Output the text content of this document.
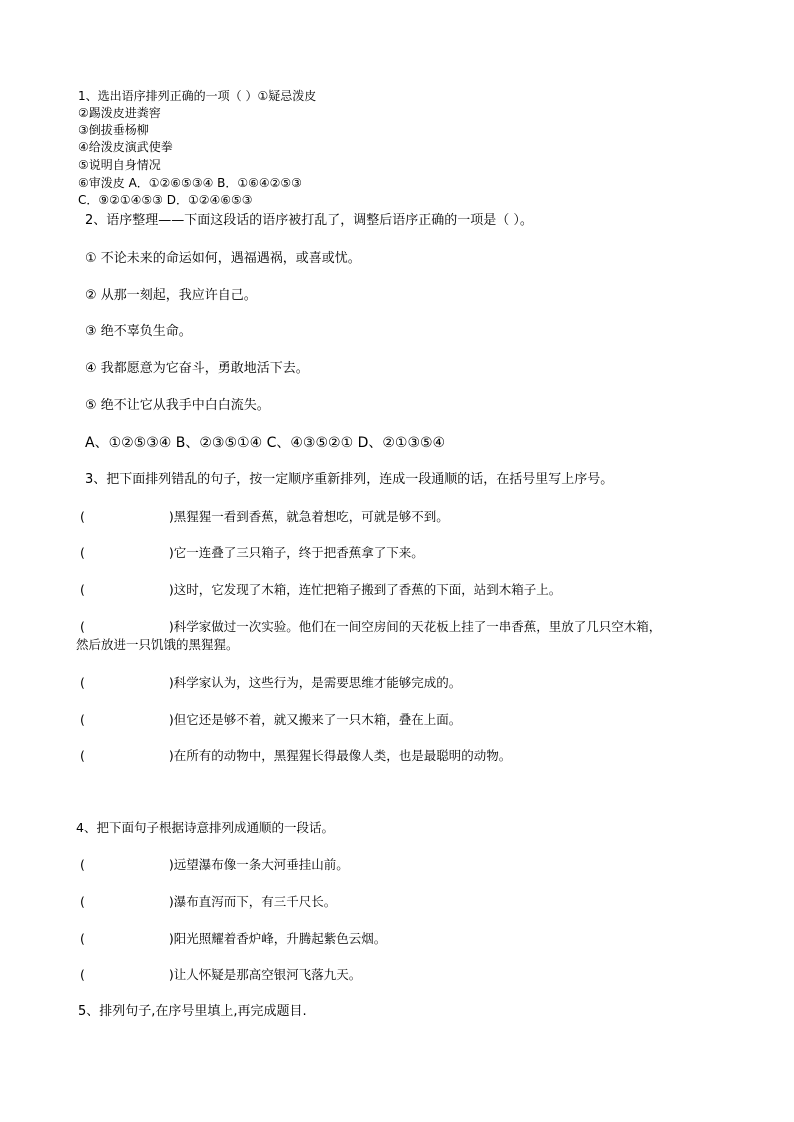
1、选出语序排列正确的一项（ ）①疑忌泼皮
②踢泼皮进粪窖
③倒拔垂杨柳
④给泼皮演武使拳
⑤说明自身情况
⑥审泼皮 A．①②⑥⑤③④ B．①⑥④②⑤③
C．⑨②①④⑤③ D．①②④⑥⑤③
2、语序整理——下面这段话的语序被打乱了，调整后语序正确的一项是（ ）。
① 不论未来的命运如何，遇福遇祸，或喜或忧。
② 从那一刻起，我应许自己。
③ 绝不辜负生命。
④ 我都愿意为它奋斗，勇敢地活下去。
⑤ 绝不让它从我手中白白流失。
A、①②⑤③④ B、②③⑤①④ C、④③⑤②① D、②①③⑤④
3、把下面排列错乱的句子，按一定顺序重新排列，连成一段通顺的话，在括号里写上序号。
(	)黑猩猩一看到香蕉，就急着想吃，可就是够不到。
(	)它一连叠了三只箱子，终于把香蕉拿了下来。
(	)这时，它发现了木箱，连忙把箱子搬到了香蕉的下面，站到木箱子上。
(	)科学家做过一次实验。他们在一间空房间的天花板上挂了一串香蕉，里放了几只空木箱，
然后放进一只饥饿的黑猩猩。
(	)科学家认为，这些行为，是需要思维才能够完成的。
(	)但它还是够不着，就又搬来了一只木箱，叠在上面。
(	)在所有的动物中，黑猩猩长得最像人类，也是最聪明的动物。
4、把下面句子根据诗意排列成通顺的一段话。
(	)远望瀑布像一条大河垂挂山前。
(	)瀑布直泻而下，有三千尺长。
(	)阳光照耀着香炉峰，升腾起紫色云烟。
(	)让人怀疑是那高空银河飞落九天。
5、排列句子,在序号里填上,再完成题目.
